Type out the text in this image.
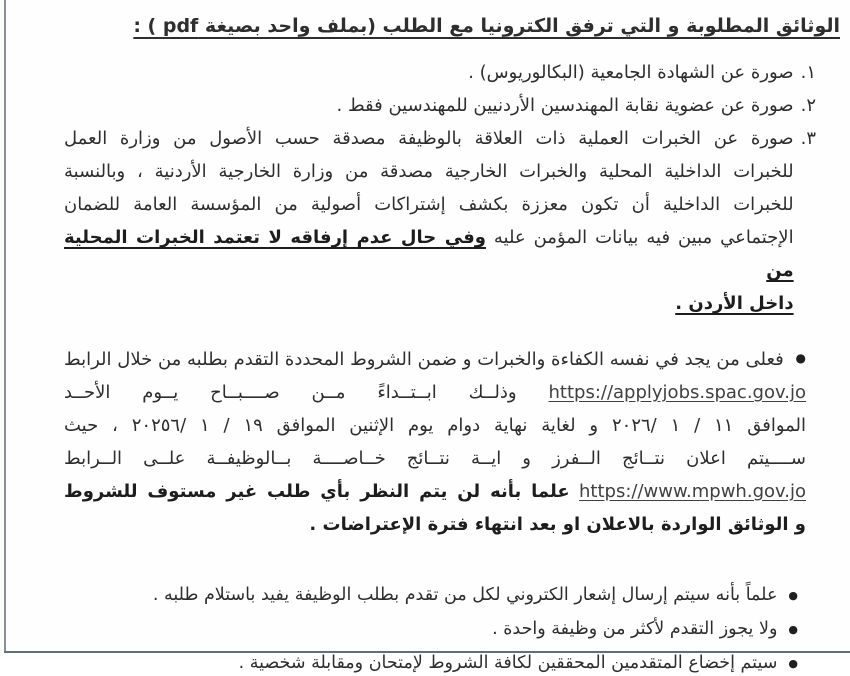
الوثائق المطلوبة و التي ترفق الكترونيا مع الطلب (بملف واحد بصيغة pdf ) :
١.
صورة عن الشهادة الجامعية (البكالوريوس) .
٢.
صورة عن عضوية نقابة المهندسين الأردنيين للمهندسين فقط .
٣.
صورة عن الخبرات العملية ذات العلاقة بالوظيفة مصدقة حسب الأصول من وزارة العمل
للخبرات الداخلية المحلية والخبرات الخارجية مصدقة من وزارة الخارجية الأردنية ، وبالنسبة
للخبرات الداخلية أن تكون معززة بكشف إشتراكات أصولية من المؤسسة العامة للضمان
الإجتماعي مبين فيه بيانات المؤمن عليه وفي حال عدم إرفاقه لا تعتمد الخبرات المحلية من
داخل الأردن .
● فعلى من يجد في نفسه الكفاءة والخبرات و ضمن الشروط المحددة التقدم بطلبه من خلال الرابط
https://applyjobs.spac.gov.jo وذلــك ابــتــداءً مــن صــــبــاح يــوم الأحــد
الموافق ١١ / ١ /٢٠٢٦ و لغاية نهاية دوام يوم الإثنين الموافق ١٩ / ١ /٢٠٢٥٦ ، حيث
ســــيتم اعلان نتــائج الــفرز و ايــة نتــائج خــاصــــة بــالوظيفــة علــى الــرابط
https://www.mpwh.gov.jo علما بأنه لن يتم النظر بأي طلب غير مستوف للشروط
و الوثائق الواردة بالاعلان او بعد انتهاء فترة الإعتراضات .
●
علماً بأنه سيتم إرسال إشعار الكتروني لكل من تقدم بطلب الوظيفة يفيد باستلام طلبه .
●
ولا يجوز التقدم لأكثر من وظيفة واحدة .
●
سيتم إخضاع المتقدمين المحققين لكافة الشروط لإمتحان ومقابلة شخصية .
